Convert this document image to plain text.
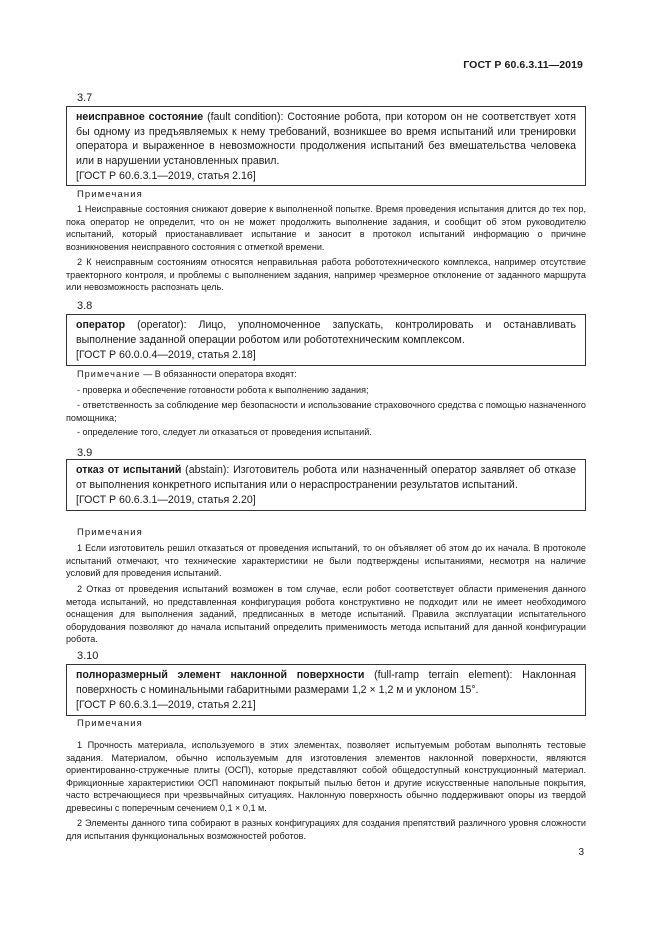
ГОСТ Р 60.6.3.11—2019
3.7
неисправное состояние (fault condition): Состояние робота, при котором он не соответствует хотя бы одному из предъявляемых к нему требований, возникшее во время испытаний или тренировки оператора и выраженное в невозможности продолжения испытаний без вмешательства человека или в нарушении установленных правил.
[ГОСТ Р 60.6.3.1—2019, статья 2.16]
Примечания
1 Неисправные состояния снижают доверие к выполненной попытке. Время проведения испытания длится до тех пор, пока оператор не определит, что он не может продолжить выполнение задания, и сообщит об этом руководителю испытаний, который приостанавливает испытание и заносит в протокол испытаний информацию о причине возникновения неисправного состояния с отметкой времени.
2 К неисправным состояниям относятся неправильная работа робототехнического комплекса, например отсутствие траекторного контроля, и проблемы с выполнением задания, например чрезмерное отклонение от заданного маршрута или невозможность распознать цель.
3.8
оператор (operator): Лицо, уполномоченное запускать, контролировать и останавливать выполнение заданной операции роботом или робототехническим комплексом.
[ГОСТ Р 60.0.0.4—2019, статья 2.18]
Примечание — В обязанности оператора входят:
- проверка и обеспечение готовности робота к выполнению задания;
- ответственность за соблюдение мер безопасности и использование страховочного средства с помощью назначенного помощника;
- определение того, следует ли отказаться от проведения испытаний.
3.9
отказ от испытаний (abstain): Изготовитель робота или назначенный оператор заявляет об отказе от выполнения конкретного испытания или о нераспространении результатов испытаний.
[ГОСТ Р 60.6.3.1—2019, статья 2.20]
Примечания
1 Если изготовитель решил отказаться от проведения испытаний, то он объявляет об этом до их начала. В протоколе испытаний отмечают, что технические характеристики не были подтверждены испытаниями, несмотря на наличие условий для проведения испытаний.
2 Отказ от проведения испытаний возможен в том случае, если робот соответствует области применения данного метода испытаний, но представленная конфигурация робота конструктивно не подходит или не имеет необходимого оснащения для выполнения заданий, предписанных в методе испытаний. Правила эксплуатации испытательного оборудования позволяют до начала испытаний определить применимость метода испытаний для данной конфигурации робота.
3.10
полноразмерный элемент наклонной поверхности (full-ramp terrain element): Наклонная поверхность с номинальными габаритными размерами 1,2 × 1,2 м и уклоном 15°.
[ГОСТ Р 60.6.3.1—2019, статья 2.21]
Примечания
1 Прочность материала, используемого в этих элементах, позволяет испытуемым роботам выполнять тестовые задания. Материалом, обычно используемым для изготовления элементов наклонной поверхности, являются ориентированно-стружечные плиты (ОСП), которые представляют собой общедоступный конструкционный материал. Фрикционные характеристики ОСП напоминают покрытый пылью бетон и другие искусственные напольные покрытия, часто встречающиеся при чрезвычайных ситуациях. Наклонную поверхность обычно поддерживают опоры из твердой древесины с поперечным сечением 0,1 × 0,1 м.
2 Элементы данного типа собирают в разных конфигурациях для создания препятствий различного уровня сложности для испытания функциональных возможностей роботов.
3
